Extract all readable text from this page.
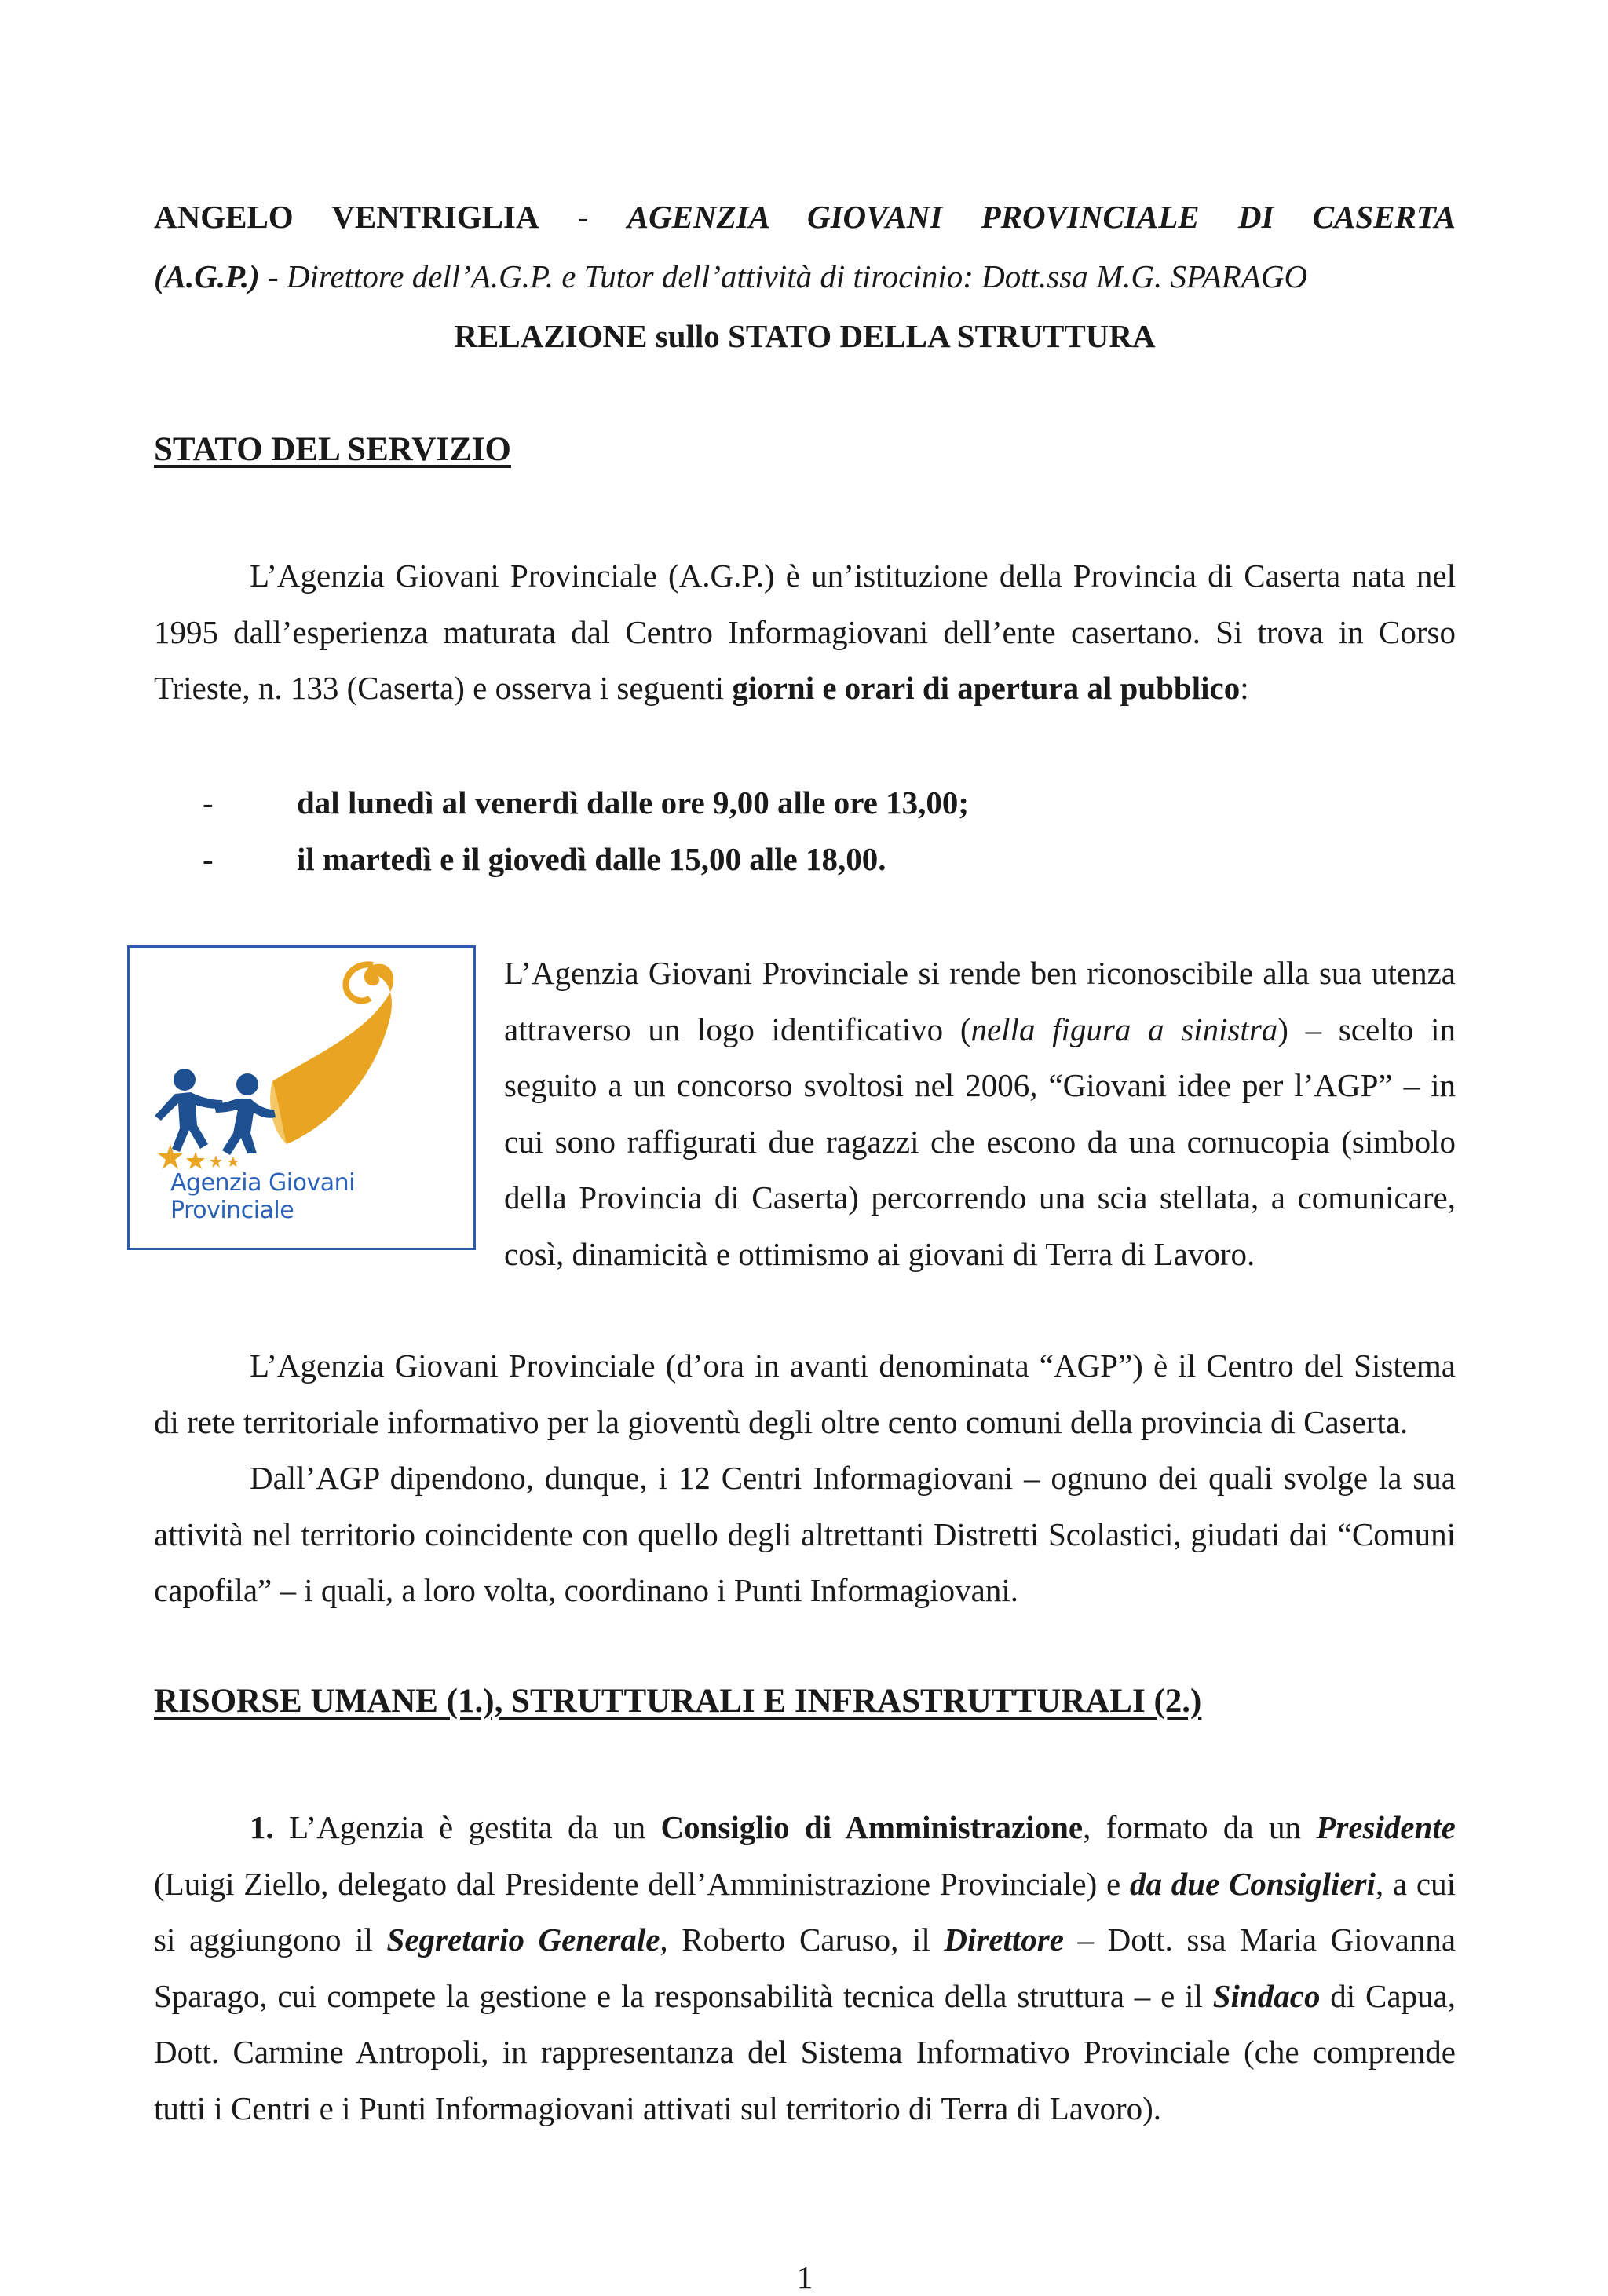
ANGELO VENTRIGLIA - AGENZIA GIOVANI PROVINCIALE DI CASERTA
(A.G.P.) - Direttore dell’A.G.P. e Tutor dell’attività di tirocinio: Dott.ssa M.G. SPARAGO
RELAZIONE sullo STATO DELLA STRUTTURA
STATO DEL SERVIZIO
L’Agenzia Giovani Provinciale (A.G.P.) è un’istituzione della Provincia di Caserta nata nel 1995 dall’esperienza maturata dal Centro Informagiovani dell’ente casertano. Si trova in Corso Trieste, n. 133 (Caserta) e osserva i seguenti giorni e orari di apertura al pubblico:
-	dal lunedì al venerdì dalle ore 9,00 alle ore 13,00;
-	il martedì e il giovedì dalle 15,00 alle 18,00.
Agenzia Giovani Provinciale
L’Agenzia Giovani Provinciale si rende ben riconoscibile alla sua utenza attraverso un logo identificativo (nella figura a sinistra) – scelto in seguito a un concorso svoltosi nel 2006, “Giovani idee per l’AGP” – in cui sono raffigurati due ragazzi che escono da una cornucopia (simbolo della Provincia di Caserta) percorrendo una scia stellata, a comunicare, così, dinamicità e ottimismo ai giovani di Terra di Lavoro.
L’Agenzia Giovani Provinciale (d’ora in avanti denominata “AGP”) è il Centro del Sistema di rete territoriale informativo per la gioventù degli oltre cento comuni della provincia di Caserta.
Dall’AGP dipendono, dunque, i 12 Centri Informagiovani – ognuno dei quali svolge la sua attività nel territorio coincidente con quello degli altrettanti Distretti Scolastici, giudati dai “Comuni capofila” – i quali, a loro volta, coordinano i Punti Informagiovani.
RISORSE UMANE (1.), STRUTTURALI E INFRASTRUTTURALI (2.)
1. L’Agenzia è gestita da un Consiglio di Amministrazione, formato da un Presidente (Luigi Ziello, delegato dal Presidente dell’Amministrazione Provinciale) e da due Consiglieri, a cui si aggiungono il Segretario Generale, Roberto Caruso, il Direttore – Dott. ssa Maria Giovanna Sparago, cui compete la gestione e la responsabilità tecnica della struttura – e il Sindaco di Capua, Dott. Carmine Antropoli, in rappresentanza del Sistema Informativo Provinciale (che comprende tutti i Centri e i Punti Informagiovani attivati sul territorio di Terra di Lavoro).
1
